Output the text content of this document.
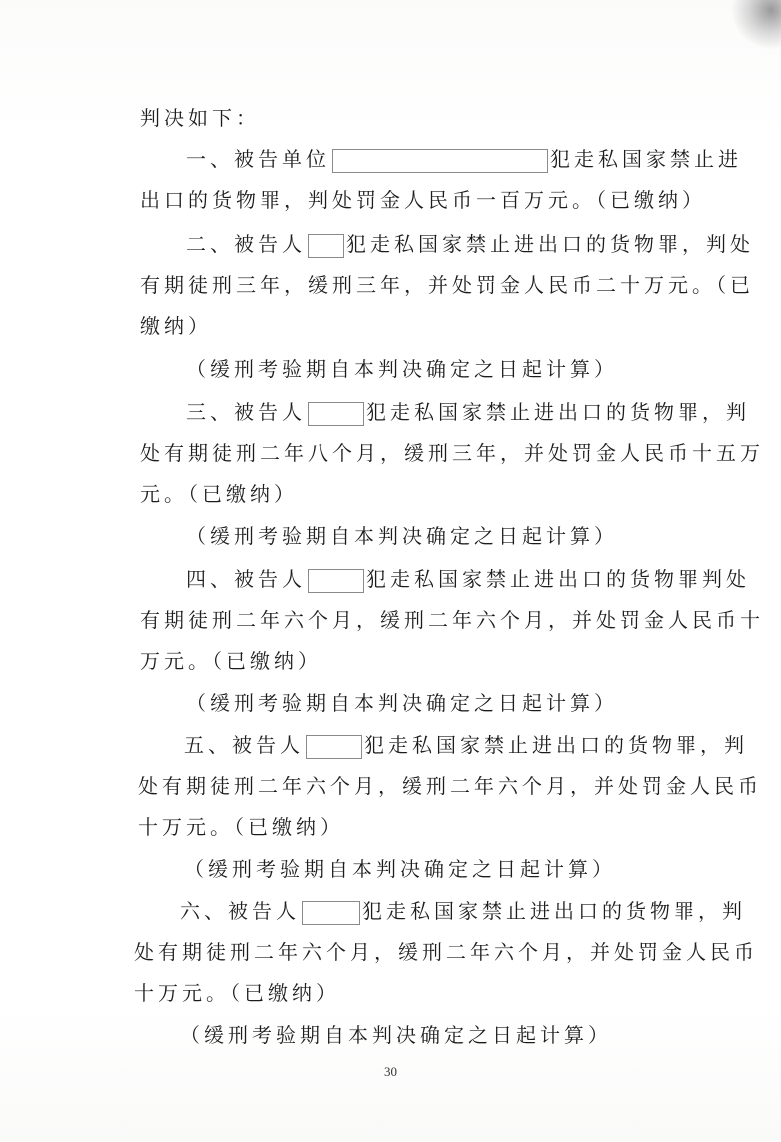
判决如下：
一、被告单位	犯走私国家禁止进
出口的货物罪，判处罚金人民币一百万元。（已缴纳）
二、被告人 犯走私国家禁止进出口的货物罪，判处
有期徒刑三年，缓刑三年，并处罚金人民币二十万元。（已
缴纳）
（缓刑考验期自本判决确定之日起计算）
三、被告人	犯走私国家禁止进出口的货物罪，判
处有期徒刑二年八个月，缓刑三年，并处罚金人民币十五万
元。（已缴纳）
（缓刑考验期自本判决确定之日起计算）
四、被告人	犯走私国家禁止进出口的货物罪判处
有期徒刑二年六个月，缓刑二年六个月，并处罚金人民币十
万元。（已缴纳）
（缓刑考验期自本判决确定之日起计算）
五、被告人	犯走私国家禁止进出口的货物罪，判
处有期徒刑二年六个月，缓刑二年六个月，并处罚金人民币
十万元。（已缴纳）
（缓刑考验期自本判决确定之日起计算）
六、被告人	犯走私国家禁止进出口的货物罪，判
处有期徒刑二年六个月，缓刑二年六个月，并处罚金人民币
十万元。（已缴纳）
（缓刑考验期自本判决确定之日起计算）
30
